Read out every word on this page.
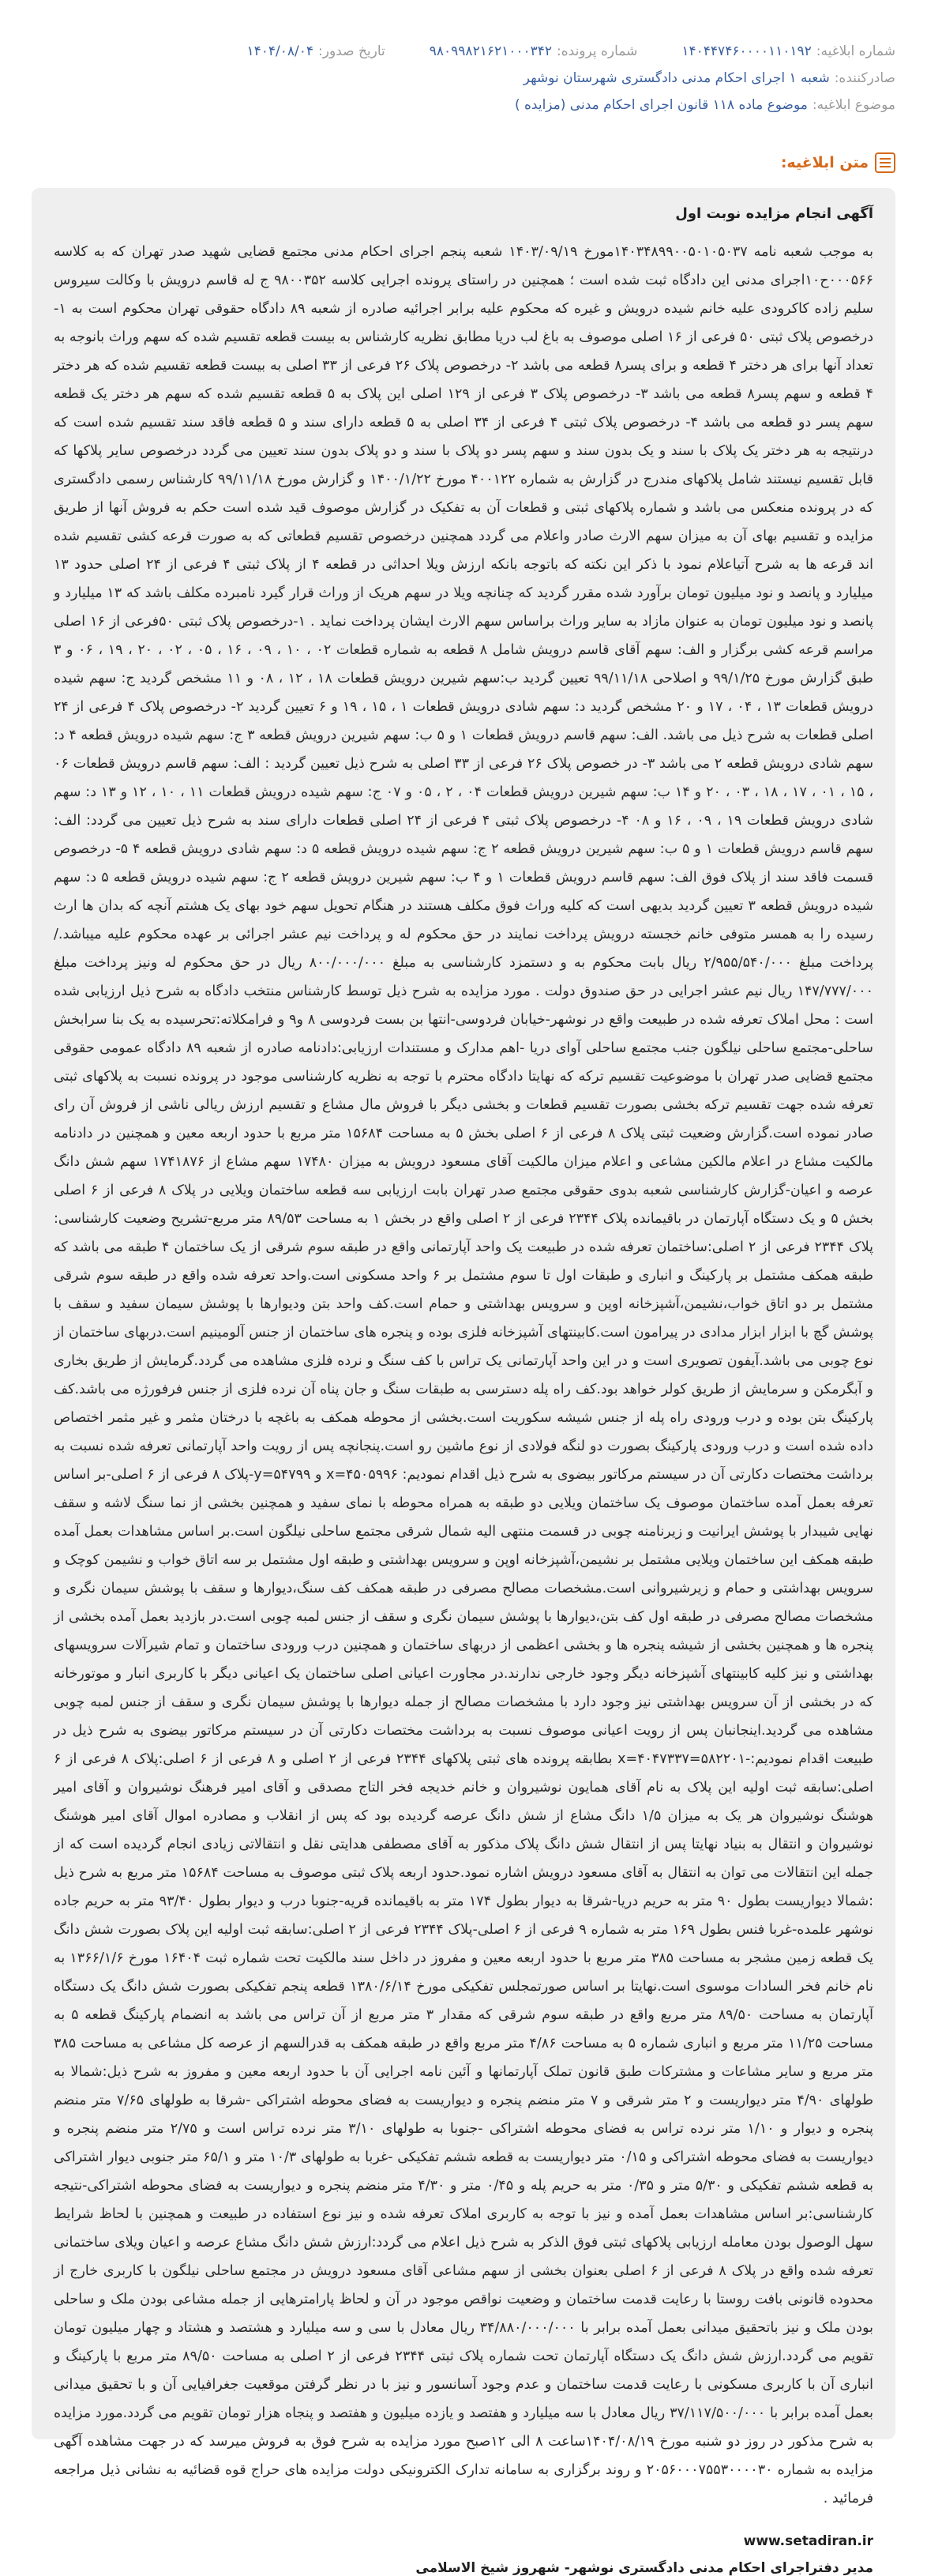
شماره ابلاغیه:
۱۴۰۴۴۷۴۶۰۰۰۰۱۱۰۱۹۲
شماره پرونده:
۹۸۰۹۹۸۲۱۶۲۱۰۰۰۳۴۲
تاریخ صدور:
۱۴۰۴/۰۸/۰۴
صادرکننده:
شعبه ۱ اجرای احکام مدنی دادگستری شهرستان نوشهر
موضوع ابلاغیه:
موضوع ماده ۱۱۸ قانون اجرای احکام مدنی (مزایده )
متن ابلاغیه:
آگهی انجام مزایده نوبت اول

به موجب شعبه نامه ۱۴۰۳۴۸۹۹۰۰۵۰۱۰۵۰۳۷مورخ ۱۴۰۳/۰۹/۱۹ شعبه پنجم اجرای احکام مدنی مجتمع قضایی شهید صدر تهران که به کلاسه ۰۰۰۵۶۶ح۱۰اجرای مدنی این دادگاه ثبت شده است ؛ همچنین در راستای پرونده اجرایی کلاسه ۹۸۰۰۳۵۲ ج له قاسم درویش با وکالت سیروس سلیم زاده کاکرودی علیه خانم شیده درویش و غیره که محکوم علیه برابر اجرائیه صادره از شعبه ۸۹ دادگاه حقوقی تهران محکوم است به ۱- درخصوص پلاک ثبتی ۵۰ فرعی از ۱۶ اصلی موصوف به باغ لب دریا مطابق نظریه کارشناس به بیست قطعه تقسیم شده که سهم وراث بانوجه به تعداد آنها برای هر دختر ۴ قطعه و برای پسر۸ قطعه می باشد ۲- درخصوص پلاک ۲۶ فرعی از ۳۳ اصلی به بیست قطعه تقسیم شده که هر دختر ۴ قطعه و سهم پسر۸ قطعه می باشد ۳- درخصوص پلاک ۳ فرعی از ۱۲۹ اصلی این پلاک به ۵ قطعه تقسیم شده که سهم هر دختر یک قطعه سهم پسر دو قطعه می باشد ۴- درخصوص پلاک ثبتی ۴ فرعی از ۳۴ اصلی به ۵ قطعه دارای سند و ۵ قطعه فاقد سند تقسیم شده است که درنتیجه به هر دختر یک پلاک با سند و یک بدون سند و سهم پسر دو پلاک با سند و دو پلاک بدون سند تعیین می گردد درخصوص سایر پلاکها که قابل تقسیم نیستند شامل پلاکهای مندرج در گزارش به شماره ۴۰۰۱۲۲ مورخ ۱۴۰۰/۱/۲۲ و گزارش مورخ ۹۹/۱۱/۱۸ کارشناس رسمی دادگستری که در پرونده منعکس می باشد و شماره پلاکهای ثبتی و قطعات آن به تفکیک در گزارش موصوف قید شده است حکم به فروش آنها از طریق مزایده و تقسیم بهای آن به میزان سهم الارث صادر واعلام می گردد همچنین درخصوص تقسیم قطعاتی که به صورت قرعه کشی تقسیم شده اند قرعه ها به شرح آتیاعلام نمود با ذکر این نکته که باتوجه بانکه ارزش ویلا احداثی در قطعه ۴ از پلاک ثبتی ۴ فرعی از ۲۴ اصلی حدود ۱۳ میلیارد و پانصد و نود میلیون تومان برآورد شده مقرر گردید که چنانچه ویلا در سهم هریک از وراث قرار گیرد نامبرده مکلف باشد که ۱۳ میلیارد و پانصد و نود میلیون تومان به عنوان مازاد به سایر وراث براساس سهم الارث ایشان پرداخت نماید . ۱-درخصوص پلاک ثبتی ۵۰فرعی از ۱۶ اصلی مراسم قرعه کشی برگزار و الف: سهم آقای قاسم درویش شامل ۸ قطعه به شماره قطعات ۰۲ ، ۱۰ ، ۰۹ ، ۱۶ ، ۰۵ ، ۰۲ ، ۲۰ ، ۱۹ ، ۰۶ و ۳ طبق گزارش مورخ ۹۹/۱/۲۵ و اصلاحی ۹۹/۱۱/۱۸ تعیین گردید ب:سهم شیرین درویش قطعات ۱۸ ، ۱۲ ، ۰۸ و ۱۱ مشخص گردید ج: سهم شیده درویش قطعات ۱۳ ، ۰۴ ، ۱۷ و ۲۰ مشخص گردید د: سهم شادی درویش قطعات ۱ ، ۱۵ ، ۱۹ و ۶ تعیین گردید ۲- درخصوص پلاک ۴ فرعی از ۲۴ اصلی قطعات به شرح ذیل می باشد. الف: سهم قاسم درویش قطعات ۱ و ۵ ب: سهم شیرین درویش قطعه ۳ ج: سهم شیده درویش قطعه ۴ د: سهم شادی درویش قطعه ۲ می باشد ۳- در خصوص پلاک ۲۶ فرعی از ۳۳ اصلی به شرح ذیل تعیین گردید : الف: سهم قاسم درویش قطعات ۰۶ ، ۱۵ ، ۰۱ ، ۱۷ ، ۱۸ ، ۰۳ ، ۲۰ و ۱۴ ب: سهم شیرین درویش قطعات ۰۴ ، ۲ ، ۰۵ و ۰۷ ج: سهم شیده درویش قطعات ۱۱ ، ۱۰ ، ۱۲ و ۱۳ د: سهم شادی درویش قطعات ۱۹ ، ۰۹ ، ۱۶ و ۰۸ ۴- درخصوص پلاک ثبتی ۴ فرعی از ۲۴ اصلی قطعات دارای سند به شرح ذیل تعیین می گردد: الف: سهم قاسم درویش قطعات ۱ و ۵ ب: سهم شیرین درویش قطعه ۲ ج: سهم شیده درویش قطعه ۵ د: سهم شادی درویش قطعه ۴ ۵- درخصوص قسمت فاقد سند از پلاک فوق الف: سهم قاسم درویش قطعات ۱ و ۴ ب: سهم شیرین درویش قطعه ۲ ج: سهم شیده درویش قطعه ۵ د: سهم شیده درویش قطعه ۳ تعیین گردید بدیهی است که کلیه وراث فوق مکلف هستند در هنگام تحویل سهم خود بهای یک هشتم آنچه که بدان ها ارث رسیده را به همسر متوفی خانم خجسته درویش پرداخت نمایند در حق محکوم له و پرداخت نیم عشر اجرائی بر عهده محکوم علیه میباشد./پرداخت مبلغ ۲/۹۵۵/۵۴۰/۰۰۰ ریال بابت محکوم به و دستمزد کارشناسی به مبلغ ۸۰۰/۰۰۰/۰۰۰ ریال در حق محکوم له ونیز پرداخت مبلغ ۱۴۷/۷۷۷/۰۰۰ ریال نیم عشر اجرایی در حق صندوق دولت . مورد مزایده به شرح ذیل توسط کارشناس منتخب دادگاه به شرح ذیل ارزیابی شده است : محل املاک تعرفه شده در طبیعت واقع در نوشهر-خیابان فردوسی-انتها بن بست فردوسی ۸ و۹ و فرامکلاته:تحرسیده به یک بنا سرابخش ساحلی-مجتمع ساحلی نیلگون جنب مجتمع ساحلی آوای دریا -اهم مدارک و مستندات ارزیابی:دادنامه صادره از شعبه ۸۹ دادگاه عمومی حقوقی مجتمع قضایی صدر تهران با موضوعیت تقسیم ترکه که نهایتا دادگاه محترم با توجه به نظریه کارشناسی موجود در پرونده نسبت به پلاکهای ثبتی تعرفه شده جهت تقسیم ترکه بخشی بصورت تقسیم قطعات و بخشی دیگر با فروش مال مشاع و تقسیم ارزش ریالی ناشی از فروش آن رای صادر نموده است.گزارش وضعیت ثبتی پلاک ۸ فرعی از ۶ اصلی بخش ۵ به مساحت ۱۵۶۸۴ متر مربع با حدود اربعه معین و همچنین در دادنامه مالکیت مشاع در اعلام مالکین مشاعی و اعلام میزان مالکیت آقای مسعود درویش به میزان ۱۷۴۸۰ سهم مشاع از ۱۷۴۱۸۷۶ سهم شش دانگ عرصه و اعیان-گزارش کارشناسی شعبه بدوی حقوقی مجتمع صدر تهران بابت ارزیابی سه قطعه ساختمان ویلایی در پلاک ۸ فرعی از ۶ اصلی بخش ۵ و یک دستگاه آپارتمان در باقیمانده پلاک ۲۳۴۴ فرعی از ۲ اصلی واقع در بخش ۱ به مساحت ۸۹/۵۳ متر مربع-تشریح وضعیت کارشناسی: پلاک ۲۳۴۴ فرعی از ۲ اصلی:ساختمان تعرفه شده در طبیعت یک واحد آپارتمانی واقع در طبقه سوم شرقی از یک ساختمان ۴ طبقه می باشد که طبقه همکف مشتمل بر پارکینگ و انباری و طبقات اول تا سوم مشتمل بر ۶ واحد مسکونی است.واحد تعرفه شده واقع در طبقه سوم شرقی مشتمل بر دو اتاق خواب،نشیمن،آشپزخانه اوپن و سرویس بهداشتی و حمام است.کف واحد بتن ودیوارها با پوشش سیمان سفید و سقف با پوشش گچ با ابزار ابزار مدادی در پیرامون است.کابینتهای آشپزخانه فلزی بوده و پنجره های ساختمان از جنس آلومینیم است.دربهای ساختمان از نوع چوبی می باشد.آیفون تصویری است و در این واحد آپارتمانی یک تراس با کف سنگ و نرده فلزی مشاهده می گردد.گرمایش از طریق بخاری و آبگرمکن و سرمایش از طریق کولر خواهد بود.کف راه پله دسترسی به طبقات سنگ و جان پناه آن نرده فلزی از جنس فرفورژه می باشد.کف پارکینگ بتن بوده و درب ورودی راه پله از جنس شیشه سکوریت است.بخشی از محوطه همکف به باغچه با درختان مثمر و غیر مثمر اختصاص داده شده است و درب ورودی پارکینگ بصورت دو لنگه فولادی از نوع ماشین رو است.پنجانچه پس از رویت واحد آپارتمانی تعرفه شده نسبت به برداشت مختصات دکارتی آن در سیستم مرکاتور بیضوی به شرح ذیل اقدام نمودیم: x=۴۵۰۵۹۹۶ و y=۵۴۷۹۹-پلاک ۸ فرعی از ۶ اصلی-بر اساس تعرفه بعمل آمده ساختمان موصوف یک ساختمان ویلایی دو طبقه به همراه محوطه با نمای سفید و همچنین بخشی از نما سنگ لاشه و سقف نهایی شیبدار با پوشش ایرانیت و زیرنامنه چوبی در قسمت منتهی الیه شمال شرقی مجتمع ساحلی نیلگون است.بر اساس مشاهدات بعمل آمده طبقه همکف این ساختمان ویلایی مشتمل بر نشیمن،آشپزخانه اوپن و سرویس بهداشتی و طبقه اول مشتمل بر سه اتاق خواب و نشیمن کوچک و سرویس بهداشتی و حمام و زیرشیروانی است.مشخصات مصالح مصرفی در طبقه همکف کف سنگ،دیوارها و سقف با پوشش سیمان نگری و مشخصات مصالح مصرفی در طبقه اول کف بتن،دیوارها با پوشش سیمان نگری و سقف از جنس لمبه چوبی است.در بازدید بعمل آمده بخشی از پنجره ها و همچنین بخشی از شیشه پنجره ها و بخشی اعظمی از دربهای ساختمان و همچنین درب ورودی ساختمان و تمام شیرآلات سرویسهای بهداشتی و نیز کلیه کابینتهای آشپزخانه دیگر وجود خارجی ندارند.در مجاورت اعیانی اصلی ساختمان یک اعیانی دیگر با کاربری انبار و موتورخانه که در بخشی از آن سرویس بهداشتی نیز وجود دارد با مشخصات مصالح از جمله دیوارها با پوشش سیمان نگری و سقف از جنس لمبه چوبی مشاهده می گردید.اینجانبان پس از رویت اعیانی موصوف نسبت به برداشت مختصات دکارتی آن در سیستم مرکاتور بیضوی به شرح ذیل در طبیعت اقدام نمودیم:-۵۸۲۲۰۱=x=۴۰۴۷۳۳۷ بطابقه پرونده های ثبتی پلاکهای ۲۳۴۴ فرعی از ۲ اصلی و ۸ فرعی از ۶ اصلی:پلاک ۸ فرعی از ۶ اصلی:سابقه ثبت اولیه این پلاک به نام آقای همایون نوشیروان و خانم خدیجه فخر التاج مصدقی و آقای امیر فرهنگ نوشیروان و آقای امیر هوشنگ نوشیروان هر یک به میزان ۱/۵ دانگ مشاع از شش دانگ عرصه گردیده بود که پس از انقلاب و مصادره اموال آقای امیر هوشنگ نوشیروان و انتقال به بنیاد نهایتا پس از انتقال شش دانگ پلاک مذکور به آقای مصطفی هدایتی نقل و انتقالاتی زیادی انجام گردیده است که از جمله این انتقالات می توان به انتقال به آقای مسعود درویش اشاره نمود.حدود اربعه پلاک ثبتی موصوف به مساحت ۱۵۶۸۴ متر مربع به شرح ذیل :شمالا دیواریست بطول ۹۰ متر به حریم دریا-شرقا به دیوار بطول ۱۷۴ متر به باقیمانده قریه-جنوبا درب و دیوار بطول ۹۳/۴۰ متر به حریم جاده نوشهر علمده-غربا فنس بطول ۱۶۹ متر به شماره ۹ فرعی از ۶ اصلی-پلاک ۲۳۴۴ فرعی از ۲ اصلی:سابقه ثبت اولیه این پلاک بصورت شش دانگ یک قطعه زمین مشجر به مساحت ۳۸۵ متر مربع با حدود اربعه معین و مفروز در داخل سند مالکیت تحت شماره ثبت ۱۶۴۰۴ مورخ ۱۳۶۶/۱/۶ به نام خانم فخر السادات موسوی است.نهایتا بر اساس صورتمجلس تفکیکی مورخ ۱۳۸۰/۶/۱۴ قطعه پنجم تفکیکی بصورت شش دانگ یک دستگاه آپارتمان به مساحت ۸۹/۵۰ متر مربع واقع در طبقه سوم شرقی که مقدار ۳ متر مربع از آن تراس می باشد به انضمام پارکینگ قطعه ۵ به مساحت ۱۱/۲۵ متر مربع و انباری شماره ۵ به مساحت ۴/۸۶ متر مربع واقع در طبقه همکف به قدرالسهم از عرصه کل مشاعی به مساحت ۳۸۵ متر مربع و سایر مشاعات و مشترکات طبق قانون تملک آپارتمانها و آئین نامه اجرایی آن با حدود اربعه معین و مفروز به شرح ذیل:شمالا به طولهای ۴/۹۰ متر دیواریست و ۲ متر شرقی و ۷ متر منضم پنجره و دیواریست به فضای محوطه اشتراکی -شرقا به طولهای ۷/۶۵ متر منضم پنجره و دیوار و ۱/۱۰ متر نرده تراس به فضای محوطه اشتراکی -جنوبا به طولهای ۳/۱۰ متر نرده تراس است و ۲/۷۵ متر منضم پنجره و دیواریست به فضای محوطه اشتراکی و ۰/۱۵ متر دیواریست به قطعه ششم تفکیکی -غربا به طولهای ۱۰/۳ متر و ۶۵/۱ متر جنوبی دیوار اشتراکی به قطعه ششم تفکیکی و ۵/۳۰ متر و ۰/۳۵ متر به حریم پله و ۰/۴۵ متر و ۴/۳۰ متر منضم پنجره و دیواریست به فضای محوطه اشتراکی-نتیجه کارشناسی:بر اساس مشاهدات بعمل آمده و نیز با توجه به کاربری املاک تعرفه شده و نیز نوع استفاده در طبیعت و همچنین با لحاظ شرایط سهل الوصول بودن معامله ارزیابی پلاکهای ثبتی فوق الذکر به شرح ذیل اعلام می گردد:ارزش شش دانگ مشاع عرصه و اعیان ویلای ساختمانی تعرفه شده واقع در پلاک ۸ فرعی از ۶ اصلی بعنوان بخشی از سهم مشاعی آقای مسعود درویش در مجتمع ساحلی نیلگون با کاربری خارج از محدوده قانونی بافت روستا با رعایت قدمت ساختمان و وضعیت نواقص موجود در آن و لحاظ پارامترهایی از جمله مشاعی بودن ملک و ساحلی بودن ملک و نیز باتحقیق میدانی بعمل آمده برابر با ۳۴/۸۸۰/۰۰۰/۰۰۰ ریال معادل با سی و سه میلیارد و هشتصد و هشتاد و چهار میلیون تومان تقویم می گردد.ارزش شش دانگ یک دستگاه آپارتمان تحت شماره پلاک ثبتی ۲۳۴۴ فرعی از ۲ اصلی به مساحت ۸۹/۵۰ متر مربع با پارکینگ و انباری آن با کاربری مسکونی با رعایت قدمت ساختمان و عدم وجود آسانسور و نیز با در نظر گرفتن موقعیت جغرافیایی آن و با تحقیق میدانی بعمل آمده برابر با ۳۷/۱۱۷/۵۰۰/۰۰۰ ریال معادل با سه میلیارد و هفتصد و یازده میلیون و هفتصد و پنجاه هزار تومان تقویم می گردد.مورد مزایده به شرح مذکور در روز دو شنبه مورخ ۱۴۰۴/۰۸/۱۹ساعت ۸ الی ۱۲صبح مورد مزایده به شرح فوق به فروش میرسد که در جهت مشاهده آگهی مزایده به شماره ۲۰۵۶۰۰۰۷۵۵۳۰۰۰۰۳۰ و روند برگزاری به سامانه تدارک الکترونیکی دولت مزایده های حراج قوه قضائیه به نشانی ذیل مراجعه فرمائید .

www.setadiran.ir
مدیر دفتراجرای احکام مدنی دادگستری نوشهر- شهروز شیخ الاسلامی
